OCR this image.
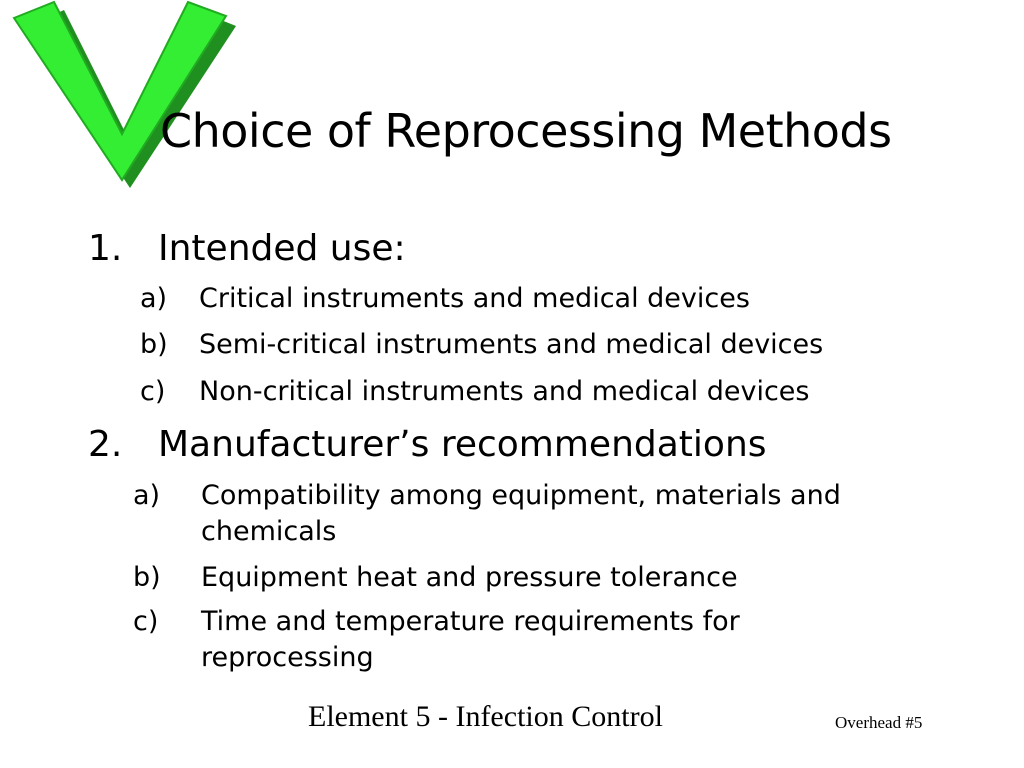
Choice of Reprocessing Methods
1. Intended use:
a) Critical instruments and medical devices
b) Semi-critical instruments and medical devices
c) Non-critical instruments and medical devices
2. Manufacturer’s recommendations
a) Compatibility among equipment, materials and chemicals
b) Equipment heat and pressure tolerance
c) Time and temperature requirements for reprocessing
Element 5 - Infection Control	Overhead #5
